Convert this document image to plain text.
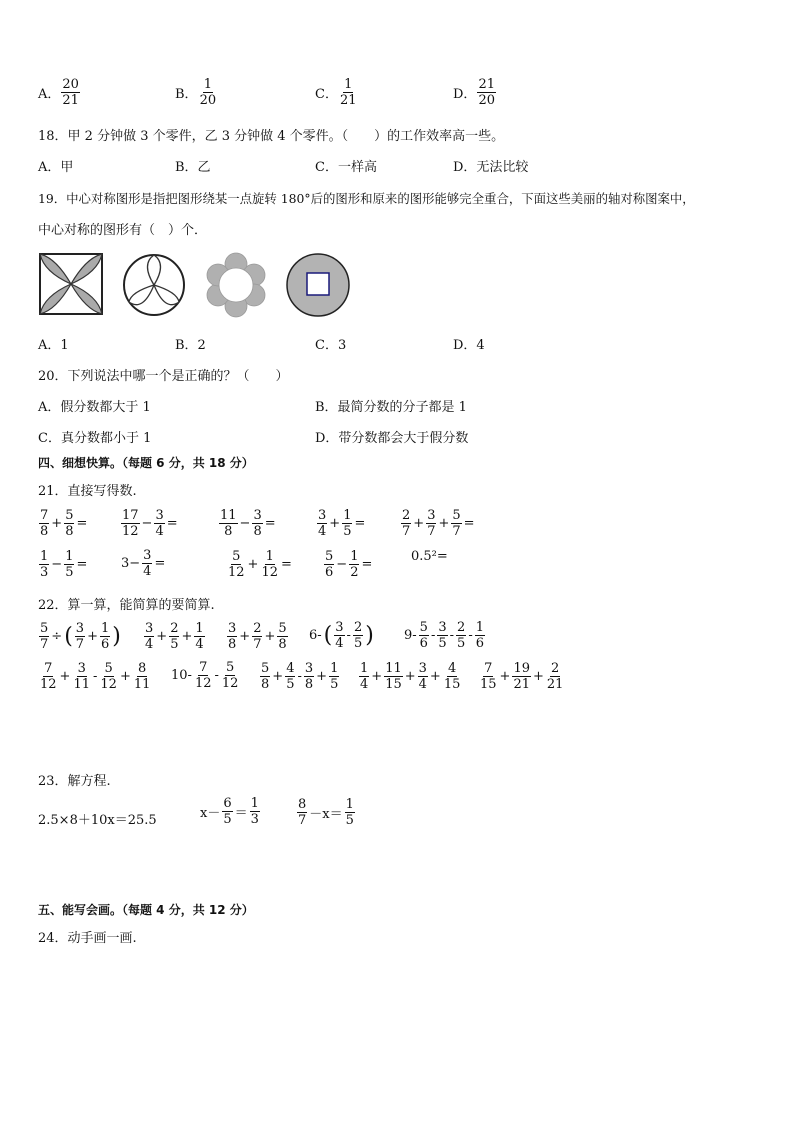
A． $\frac{20}{21}$	B． $\frac{1}{20}$	C． $\frac{1}{21}$	D． $\frac{21}{20}$
18．甲 2 分钟做 3 个零件，乙 3 分钟做 4 个零件。（　　）的工作效率高一些。
A．甲	B．乙	C．一样高	D．无法比较
19．中心对称图形是指把图形绕某一点旋转 180°后的图形和原来的图形能够完全重合，下面这些美丽的轴对称图案中，
中心对称的图形有（　）个．
A．1	B．2	C．3	D．4
20．下列说法中哪一个是正确的？（　　）
A．假分数都大于 1	B．最简分数的分子都是 1
C．真分数都小于 1	D．带分数都会大于假分数
四、细想快算。（每题 6 分，共 18 分）
21．直接写得数.
$\frac{7}{8} + \frac{5}{8}$ =	$\frac{17}{12} - \frac{3}{4}$ =	$\frac{11}{8} - \frac{3}{8}$ =	$\frac{3}{4} + \frac{1}{5}$ =	$\frac{2}{7} + \frac{3}{7} + \frac{5}{7}$ =
$\frac{1}{3} - \frac{1}{5}$ =	$3- \frac{3}{4}$ =	$\frac{5}{12} + \frac{1}{12} = \frac{5}{6} - \frac{1}{2}$ =
0.5²=
22．算一算，能简算的要简算.
$\frac{5}{7}$ ÷ ( $\frac{3}{7} + \frac{1}{6}$ ) $\frac{3}{4} + \frac{2}{5} + \frac{1}{4} \frac{3}{8} + \frac{2}{7} + \frac{5}{8} 6-$ ( $\frac{3}{4} - \frac{2}{5}$ ) $9- \frac{5}{6} - \frac{3}{5} - \frac{2}{5} - \frac{1}{6}$
$\frac{7}{12} + \frac{3}{11} - \frac{5}{12} + \frac{8}{11} 10- \frac{7}{12} - \frac{5}{12} \frac{5}{8} + \frac{4}{5} - \frac{3}{8} + \frac{1}{5} \frac{1}{4} + \frac{11}{15} + \frac{3}{4} + \frac{4}{15} \frac{7}{15} + \frac{19}{21} + \frac{2}{21}$
23．解方程.
2.5×8＋10x＝25.5	$x- \frac{6}{5} = \frac{1}{3}$	$\frac{8}{7} -x= \frac{1}{5}$
五、能写会画。（每题 4 分，共 12 分）
24．动手画一画.
